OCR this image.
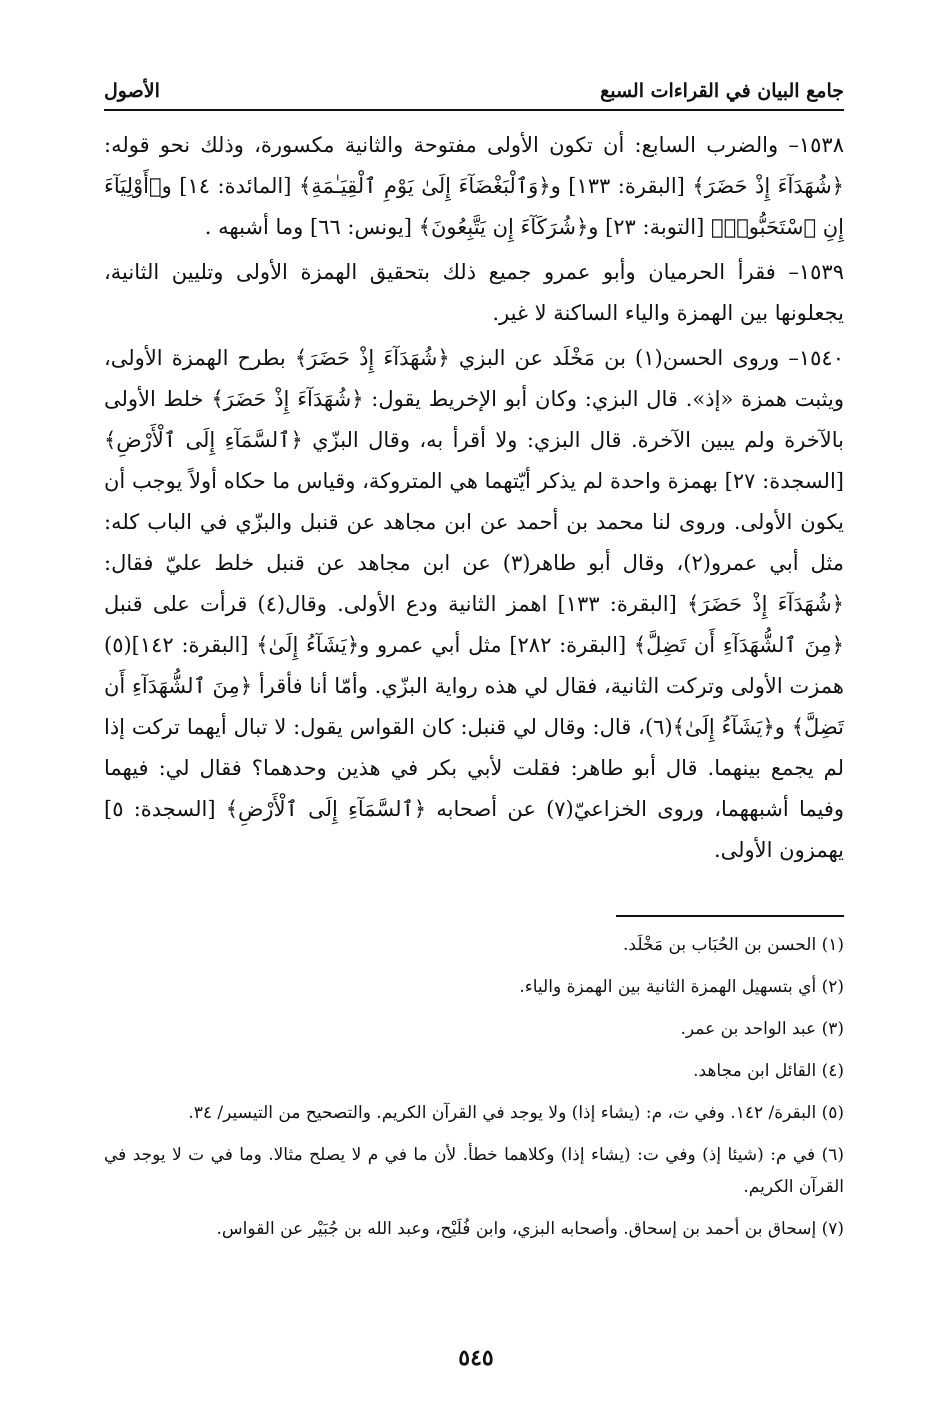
جامع البيان في القراءات السبع
الأصول

١٥٣٨– والضرب السابع: أن تكون الأولى مفتوحة والثانية مكسورة، وذلك نحو قوله: ﴿شُهَدَآءَ إِذْ حَضَرَ﴾ [البقرة: ١٣٣] و﴿وَٱلْبَغْضَآءَ إِلَىٰ يَوْمِ ٱلْقِيَـٰمَةِ﴾ [المائدة: ١٤] و﴿أَوْلِيَآءَ إِنِ ٱسْتَحَبُّوا۟﴾ [التوبة: ٢٣] و﴿شُرَكَآءَ إِن يَتَّبِعُونَ﴾ [يونس: ٦٦] وما أشبهه .

١٥٣٩– فقرأ الحرميان وأبو عمرو جميع ذلك بتحقيق الهمزة الأولى وتليين الثانية، يجعلونها بين الهمزة والياء الساكنة لا غير.

١٥٤٠– وروى الحسن(١) بن مَخْلَد عن البزي ﴿شُهَدَآءَ إِذْ حَضَرَ﴾ بطرح الهمزة الأولى، ويثبت همزة «إذ». قال البزي: وكان أبو الإخريط يقول: ﴿شُهَدَآءَ إِذْ حَضَرَ﴾ خلط الأولى بالآخرة ولم يبين الآخرة. قال البزي: ولا أقرأ به، وقال البزّي ﴿ٱلسَّمَآءِ إِلَى ٱلْأَرْضِ﴾ [السجدة: ٢٧] بهمزة واحدة لم يذكر أيّتهما هي المتروكة، وقياس ما حكاه أولاً يوجب أن يكون الأولى. وروى لنا محمد بن أحمد عن ابن مجاهد عن قنبل والبزّي في الباب كله: مثل أبي عمرو(٢)، وقال أبو طاهر(٣) عن ابن مجاهد عن قنبل خلط عليّ فقال: ﴿شُهَدَآءَ إِذْ حَضَرَ﴾ [البقرة: ١٣٣] اهمز الثانية ودع الأولى. وقال(٤) قرأت على قنبل ﴿مِنَ ٱلشُّهَدَآءِ أَن تَضِلَّ﴾ [البقرة: ٢٨٢] مثل أبي عمرو و﴿يَشَآءُ إِلَىٰ﴾ [البقرة: ١٤٢](٥) همزت الأولى وتركت الثانية، فقال لي هذه رواية البزّي. وأمّا أنا فأقرأ ﴿مِنَ ٱلشُّهَدَآءِ أَن تَضِلَّ﴾ و﴿يَشَآءُ إِلَىٰ﴾(٦)، قال: وقال لي قنبل: كان القواس يقول: لا تبال أيهما تركت إذا لم يجمع بينهما. قال أبو طاهر: فقلت لأبي بكر في هذين وحدهما؟ فقال لي: فيهما وفيما أشبههما، وروى الخزاعيّ(٧) عن أصحابه ﴿ٱلسَّمَآءِ إِلَى ٱلْأَرْضِ﴾ [السجدة: ٥] يهمزون الأولى.

(١) الحسن بن الحُبَاب بن مَخْلَد.

(٢) أي بتسهيل الهمزة الثانية بين الهمزة والياء.

(٣) عبد الواحد بن عمر.

(٤) القائل ابن مجاهد.

(٥) البقرة/ ١٤٢. وفي ت، م: (يشاء إذا) ولا يوجد في القرآن الكريم. والتصحيح من التيسير/ ٣٤.

(٦) في م: (شيئا إذ) وفي ت: (يشاء إذا) وكلاهما خطأ. لأن ما في م لا يصلح مثالا. وما في ت لا يوجد في القرآن الكريم.

(٧) إسحاق بن أحمد بن إسحاق. وأصحابه البزي، وابن فُلَيْح، وعبد الله بن جُبَيْر عن القواس.

٥٤٥
